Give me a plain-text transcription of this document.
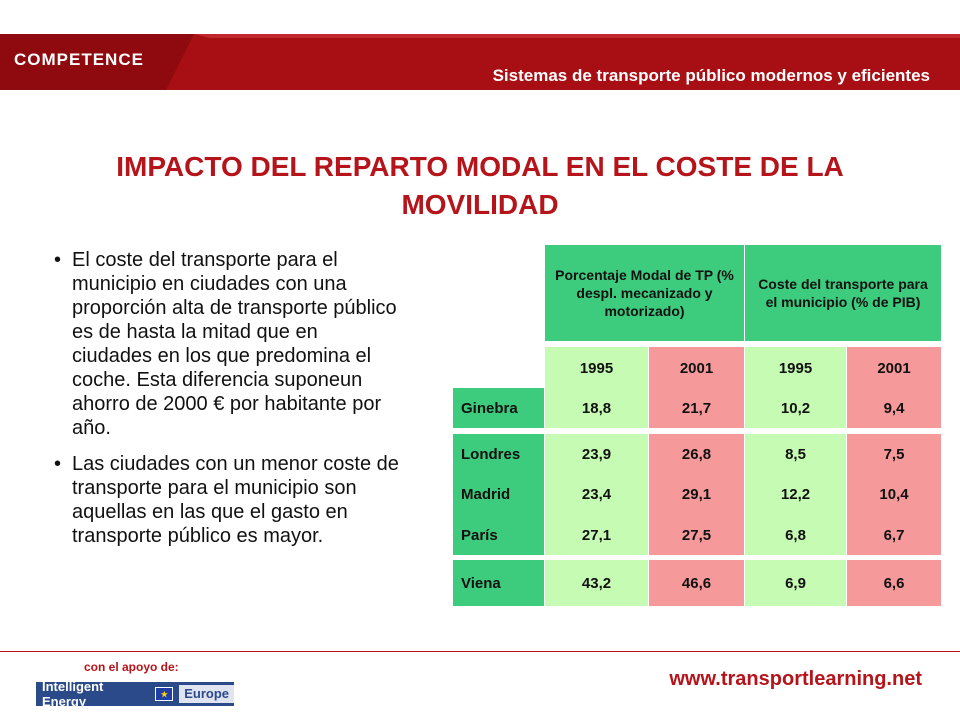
COMPETENCE
Sistemas de transporte público modernos y eficientes
IMPACTO DEL REPARTO MODAL EN EL COSTE DE LA
MOVILIDAD
• El coste del transporte para el
municipio en ciudades con una
proporción alta de transporte público
es de hasta la mitad que en
ciudades en los que predomina el
coche. Esta diferencia suponeun
ahorro de 2000 € por habitante por
año.
• Las ciudades con un menor coste de
transporte para el municipio son
aquellas en las que el gasto en
transporte público es mayor.
Porcentaje Modal de TP (% despl. mecanizado y motorizado)
Coste del transporte para el municipio (% de PIB)
1995	2001	1995	2001
Ginebra	18,8	21,7	10,2	9,4
Londres	23,9	26,8	8,5	7,5
Madrid	23,4	29,1	12,2	10,4
París	27,1	27,5	6,8	6,7
Viena	43,2	46,6	6,9	6,6
con el apoyo de:
Intelligent Energy	★	Europe
www.transportlearning.net
